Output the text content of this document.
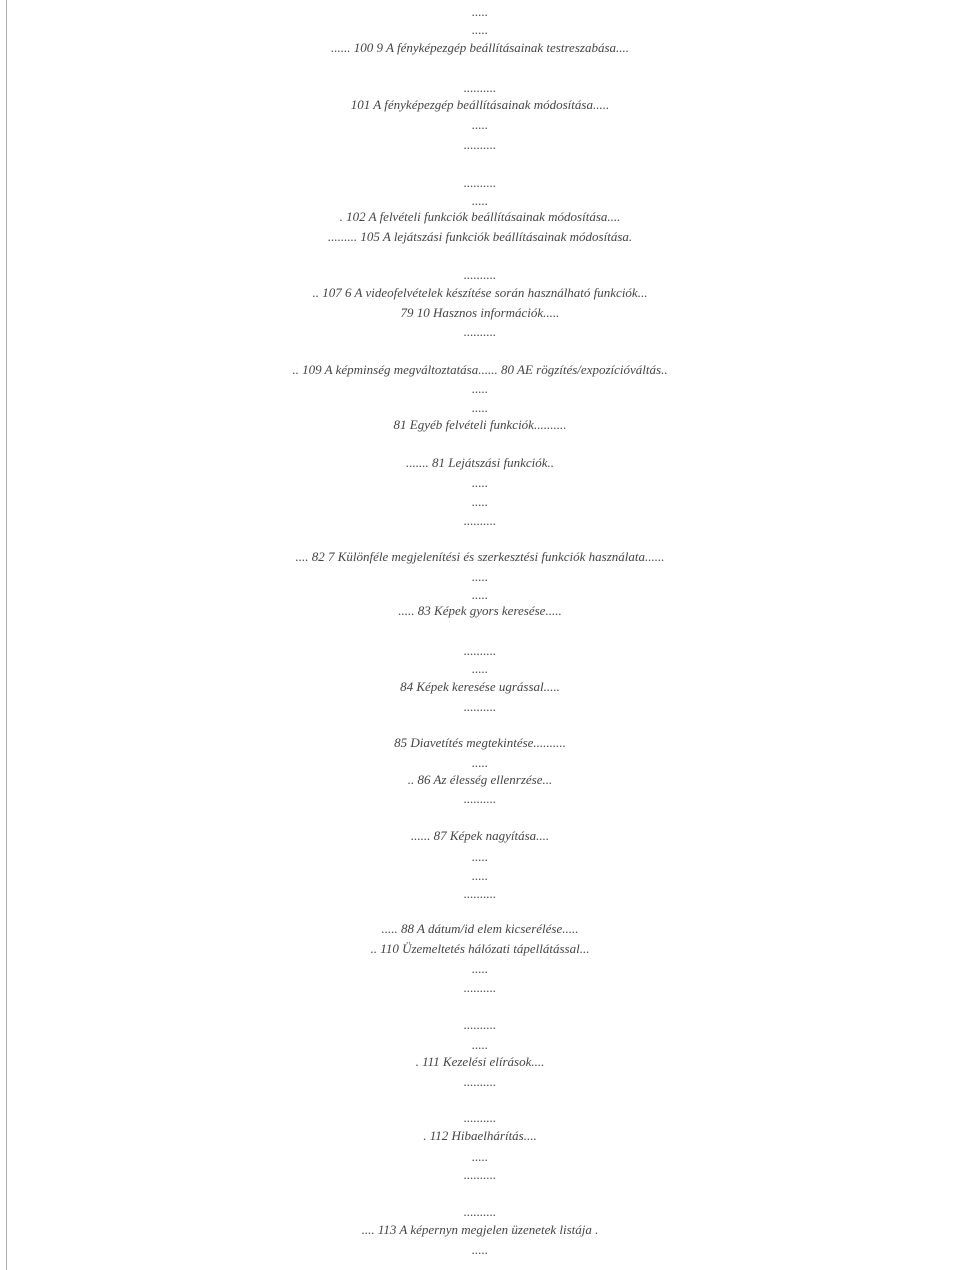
.....
.....
...... 100 9 A fényképezgép beállításainak testreszabása....
..........
101 A fényképezgép beállításainak módosítása.....
.....
..........
..........
.....
. 102 A felvételi funkciók beállításainak módosítása....
......... 105 A lejátszási funkciók beállításainak módosítása.
..........
.. 107 6 A videofelvételek készítése során használható funkciók...
79 10 Hasznos információk.....
..........
.. 109 A képminség megváltoztatása...... 80 AE rögzítés/expozícióváltás..
.....
.....
81 Egyéb felvételi funkciók..........
....... 81 Lejátszási funkciók..
.....
.....
..........
.... 82 7 Különféle megjelenítési és szerkesztési funkciók használata......
.....
.....
..... 83 Képek gyors keresése.....
..........
.....
84 Képek keresése ugrással.....
..........
85 Diavetítés megtekintése..........
.....
.. 86 Az élesség ellenrzése...
..........
...... 87 Képek nagyítása....
.....
.....
..........
..... 88 A dátum/id elem kicserélése.....
.. 110 Üzemeltetés hálózati tápellátással...
.....
..........
..........
.....
. 111 Kezelési elírások....
..........
..........
. 112 Hibaelhárítás....
.....
..........
..........
.... 113 A képernyn megjelen üzenetek listája .
.....
